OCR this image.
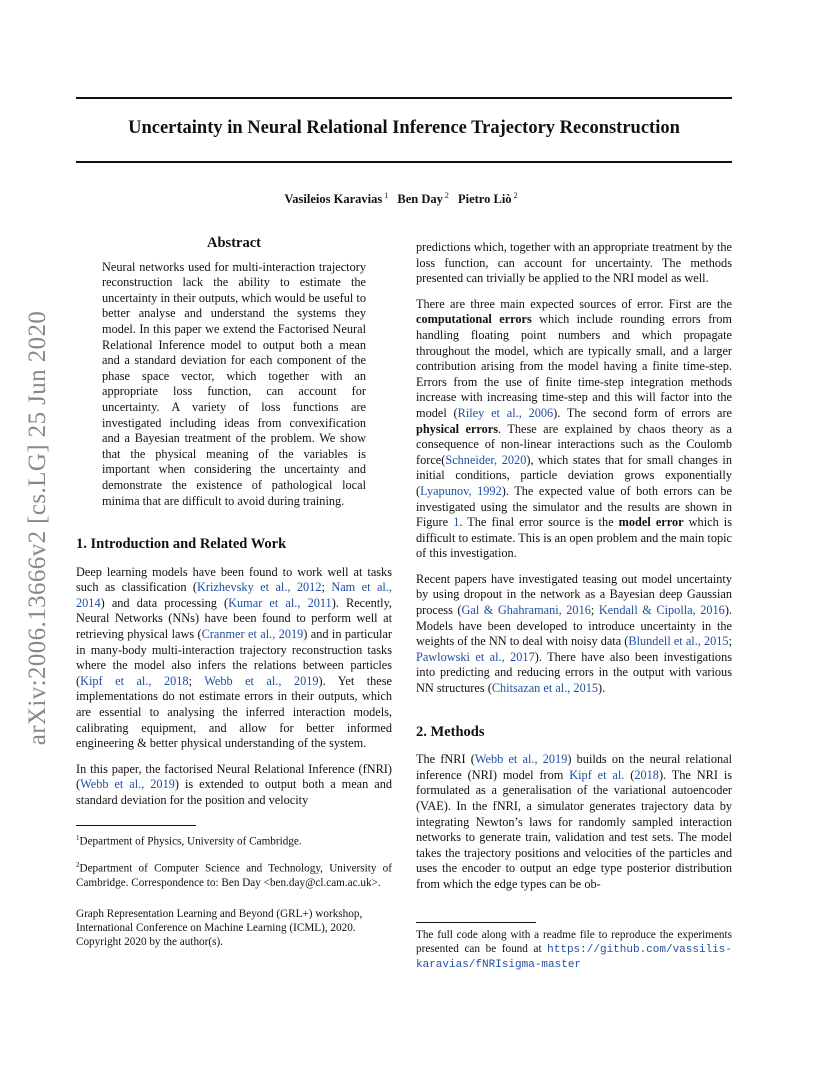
arXiv:2006.13666v2 [cs.LG] 25 Jun 2020
Uncertainty in Neural Relational Inference Trajectory Reconstruction
Vasileios Karavias $^1$ Ben Day $^2$ Pietro Liò $^2$
Abstract

Neural networks used for multi-interaction trajectory reconstruction lack the ability to estimate the uncertainty in their outputs, which would be useful to better analyse and understand the systems they model. In this paper we extend the Factorised Neural Relational Inference model to output both a mean and a standard deviation for each component of the phase space vector, which together with an appropriate loss function, can account for uncertainty. A variety of loss functions are investigated including ideas from convexification and a Bayesian treatment of the problem. We show that the physical meaning of the variables is important when considering the uncertainty and demonstrate the existence of pathological local minima that are difficult to avoid during training.

1. Introduction and Related Work

Deep learning models have been found to work well at tasks such as classification (Krizhevsky et al., 2012; Nam et al., 2014) and data processing (Kumar et al., 2011). Recently, Neural Networks (NNs) have been found to perform well at retrieving physical laws (Cranmer et al., 2019) and in particular in many-body multi-interaction trajectory reconstruction tasks where the model also infers the relations between particles (Kipf et al., 2018; Webb et al., 2019). Yet these implementations do not estimate errors in their outputs, which are essential to analysing the inferred interaction models, calibrating equipment, and allow for better informed engineering & better physical understanding of the system.

In this paper, the factorised Neural Relational Inference (fNRI) (Webb et al., 2019) is extended to output both a mean and standard deviation for the position and velocity

$^1$Department of Physics, University of Cambridge.

$^2$Department of Computer Science and Technology, University of Cambridge. Correspondence to: Ben Day <ben.day@cl.cam.ac.uk>.

Graph Representation Learning and Beyond (GRL+) workshop, International Conference on Machine Learning (ICML), 2020. Copyright 2020 by the author(s).

predictions which, together with an appropriate treatment by the loss function, can account for uncertainty. The methods presented can trivially be applied to the NRI model as well.

There are three main expected sources of error. First are the computational errors which include rounding errors from handling floating point numbers and which propagate throughout the model, which are typically small, and a larger contribution arising from the model having a finite time-step. Errors from the use of finite time-step integration methods increase with increasing time-step and this will factor into the model (Riley et al., 2006). The second form of errors are physical errors. These are explained by chaos theory as a consequence of non-linear interactions such as the Coulomb force(Schneider, 2020), which states that for small changes in initial conditions, particle deviation grows exponentially (Lyapunov, 1992). The expected value of both errors can be investigated using the simulator and the results are shown in Figure 1. The final error source is the model error which is difficult to estimate. This is an open problem and the main topic of this investigation.

Recent papers have investigated teasing out model uncertainty by using dropout in the network as a Bayesian deep Gaussian process (Gal & Ghahramani, 2016; Kendall & Cipolla, 2016). Models have been developed to introduce uncertainty in the weights of the NN to deal with noisy data (Blundell et al., 2015; Pawlowski et al., 2017). There have also been investigations into predicting and reducing errors in the output with various NN structures (Chitsazan et al., 2015).

2. Methods

The fNRI (Webb et al., 2019) builds on the neural relational inference (NRI) model from Kipf et al. (2018). The NRI is formulated as a generalisation of the variational autoencoder (VAE). In the fNRI, a simulator generates trajectory data by integrating Newton’s laws for randomly sampled interaction networks to generate train, validation and test sets. The model takes the trajectory positions and velocities of the particles and uses the encoder to output an edge type posterior distribution from which the edge types can be ob-

The full code along with a readme file to reproduce the experiments presented can be found at https://github.com/vassilis-karavias/fNRIsigma-master
